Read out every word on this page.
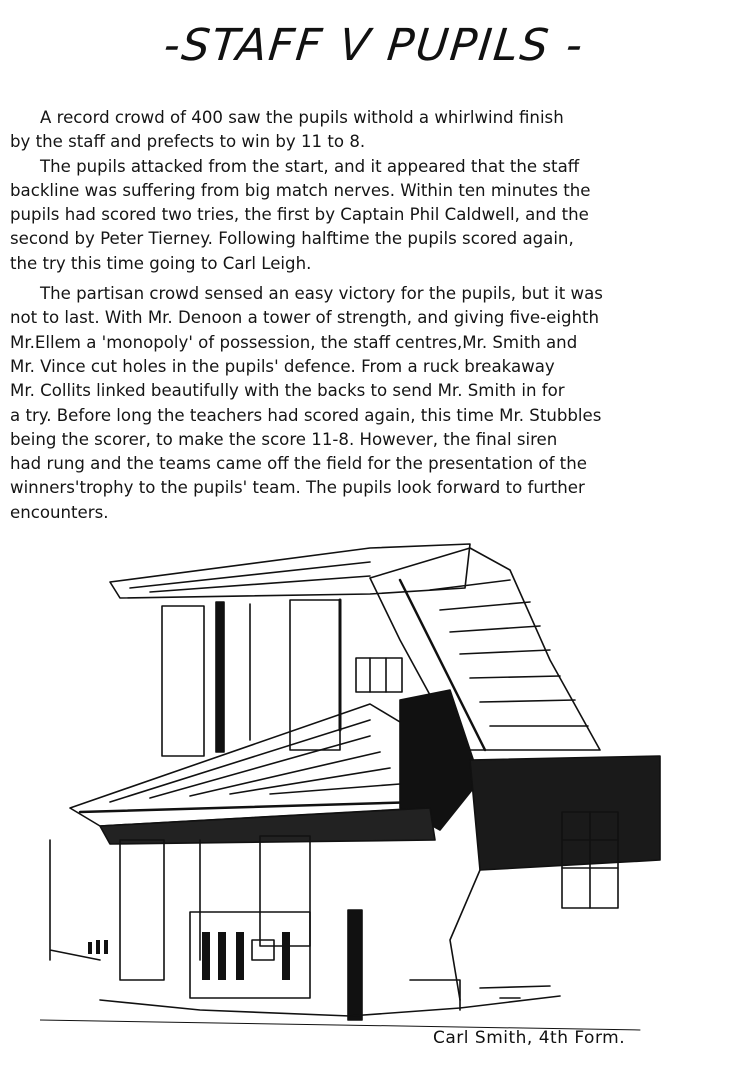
-STAFF V PUPILS -

A record crowd of 400 saw the pupils withold a whirlwind finish
by the staff and prefects to win by 11 to 8.

The pupils attacked from the start, and it appeared that the staff
backline was suffering from big match nerves. Within ten minutes the
pupils had scored two tries, the first by Captain Phil Caldwell, and the
second by Peter Tierney. Following halftime the pupils scored again,
the try this time going to Carl Leigh.

The partisan crowd sensed an easy victory for the pupils, but it was
not to last. With Mr. Denoon a tower of strength, and giving five-eighth
Mr.Ellem a 'monopoly' of possession, the staff centres,Mr. Smith and
Mr. Vince cut holes in the pupils' defence. From a ruck breakaway
Mr. Collits linked beautifully with the backs to send Mr. Smith in for
a try. Before long the teachers had scored again, this time Mr. Stubbles
being the scorer, to make the score 11-8. However, the final siren
had rung and the teams came off the field for the presentation of the
winners'trophy to the pupils' team. The pupils look forward to further
encounters.

Carl Smith, 4th Form.
